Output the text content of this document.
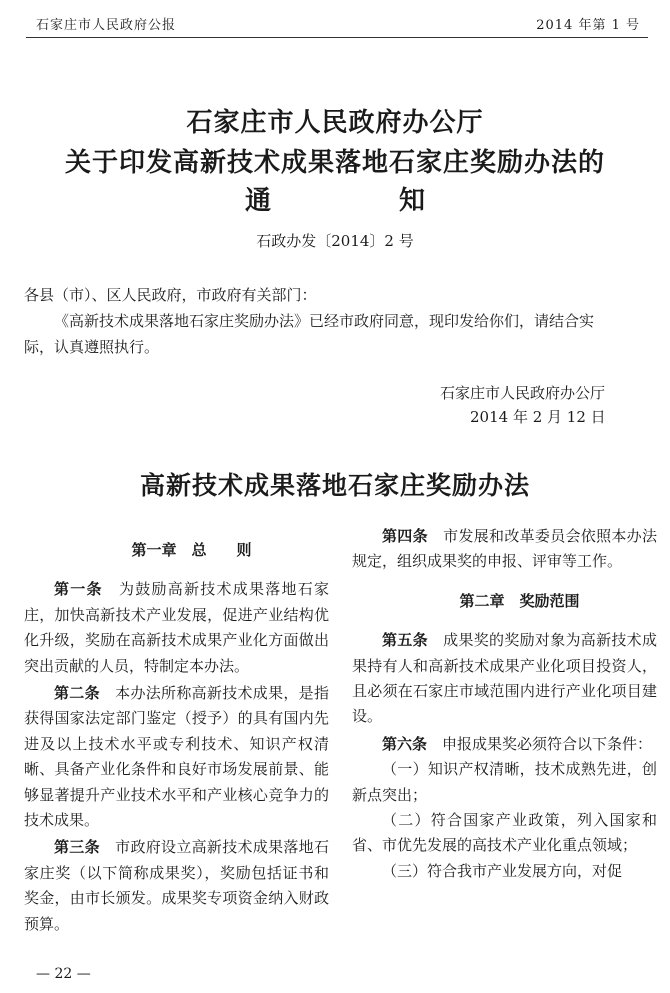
石家庄市人民政府公报	2014 年第 1 号
石家庄市人民政府办公厅
关于印发高新技术成果落地石家庄奖励办法的
通	知
石政办发〔2014〕2 号
各县（市）、区人民政府，市政府有关部门：
《高新技术成果落地石家庄奖励办法》已经市政府同意，现印发给你们，请结合实
际，认真遵照执行。
石家庄市人民政府办公厅
2014 年 2 月 12 日
高新技术成果落地石家庄奖励办法

第一章　总　　则

第一条　 为鼓励高新技术成果落地石家庄，加快高新技术产业发展，促进产业结构优化升级，奖励在高新技术成果产业化方面做出突出贡献的人员，特制定本办法。

第二条　 本办法所称高新技术成果，是指获得国家法定部门鉴定（授予）的具有国内先进及以上技术水平或专利技术、知识产权清晰、具备产业化条件和良好市场发展前景、能够显著提升产业技术水平和产业核心竞争力的技术成果。

第三条　 市政府设立高新技术成果落地石家庄奖（以下简称成果奖），奖励包括证书和奖金，由市长颁发。成果奖专项资金纳入财政预算。

第四条　 市发展和改革委员会依照本办法规定，组织成果奖的申报、评审等工作。

第二章　奖励范围

第五条　 成果奖的奖励对象为高新技术成果持有人和高新技术成果产业化项目投资人，且必须在石家庄市域范围内进行产业化项目建设。

第六条　 申报成果奖必须符合以下条件：

（一）知识产权清晰，技术成熟先进，创新点突出；

（二）符合国家产业政策，列入国家和省、市优先发展的高技术产业化重点领域；

（三）符合我市产业发展方向，对促

— 22 —
